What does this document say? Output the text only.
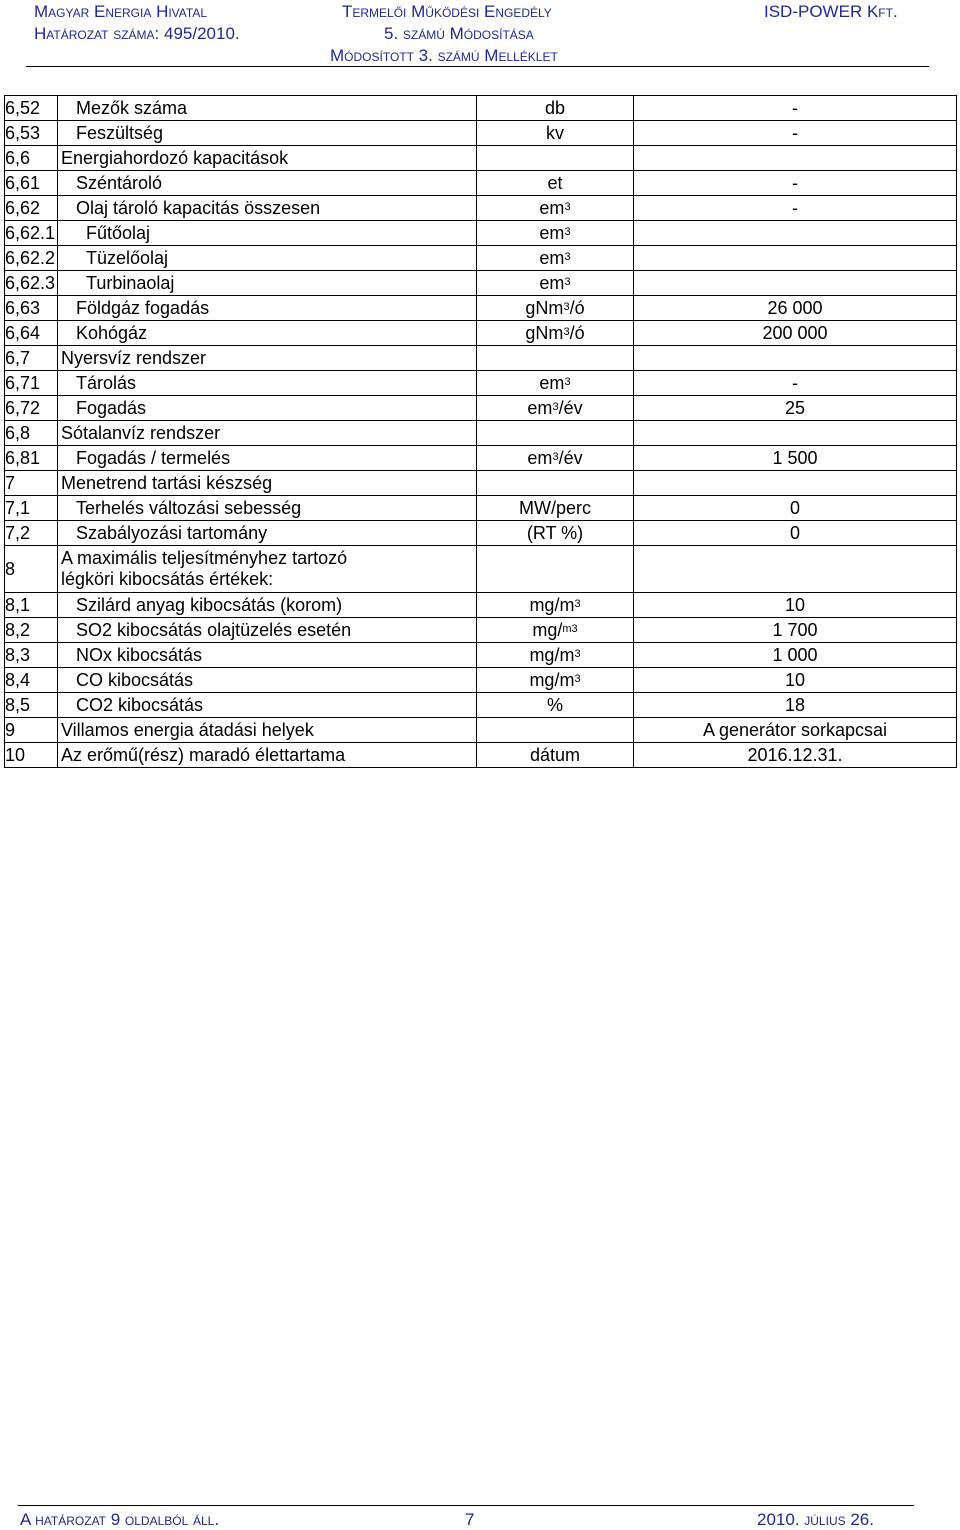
Magyar Energia Hivatal
Határozat száma: 495/2010.
Termelői Működési Engedély
5. számú Módosítása
Módosított 3. számú Melléklet
ISD-POWER Kft.
6,52	Mezők száma	db	-
6,53	Feszültség	kv	-
6,6	Energiahordozó kapacitások		
6,61	Széntároló	et	-
6,62	Olaj tároló kapacitás összesen	$em^3$	-
6,62.1	Fűtőolaj	$em^3$	
6,62.2	Tüzelőolaj	$em^3$	
6,62.3	Turbinaolaj	$em^3$	
6,63	Földgáz fogadás	gNm$^3$/ó	26 000
6,64	Kohógáz	gNm$^3$/ó	200 000
6,7	Nyersvíz rendszer		
6,71	Tárolás	$em^3$	-
6,72	Fogadás	$em^3/év$	25
6,8	Sótalanvíz rendszer		
6,81	Fogadás / termelés	$em^3/év$	1 500
7	Menetrend tartási készség		
7,1	Terhelés változási sebesség	MW/perc	0
7,2	Szabályozási tartomány	(RT %)	0
8	A maximális teljesítményhez tartozó
légköri kibocsátás értékek:		

8,1	Szilárd anyag kibocsátás (korom)	$mg/m^3$	10
8,2	SO2 kibocsátás olajtüzelés esetén	mg/$^{m3}$	1 700
8,3	NOx kibocsátás	$mg/m^3$	1 000
8,4	CO kibocsátás	$mg/m^3$	10
8,5	CO2 kibocsátás	%	18
9	Villamos energia átadási helyek		A generátor sorkapcsai
10	Az erőmű(rész) maradó élettartama	dátum	2016.12.31.
A határozat 9 oldalból áll.	7	2010. július 26.
